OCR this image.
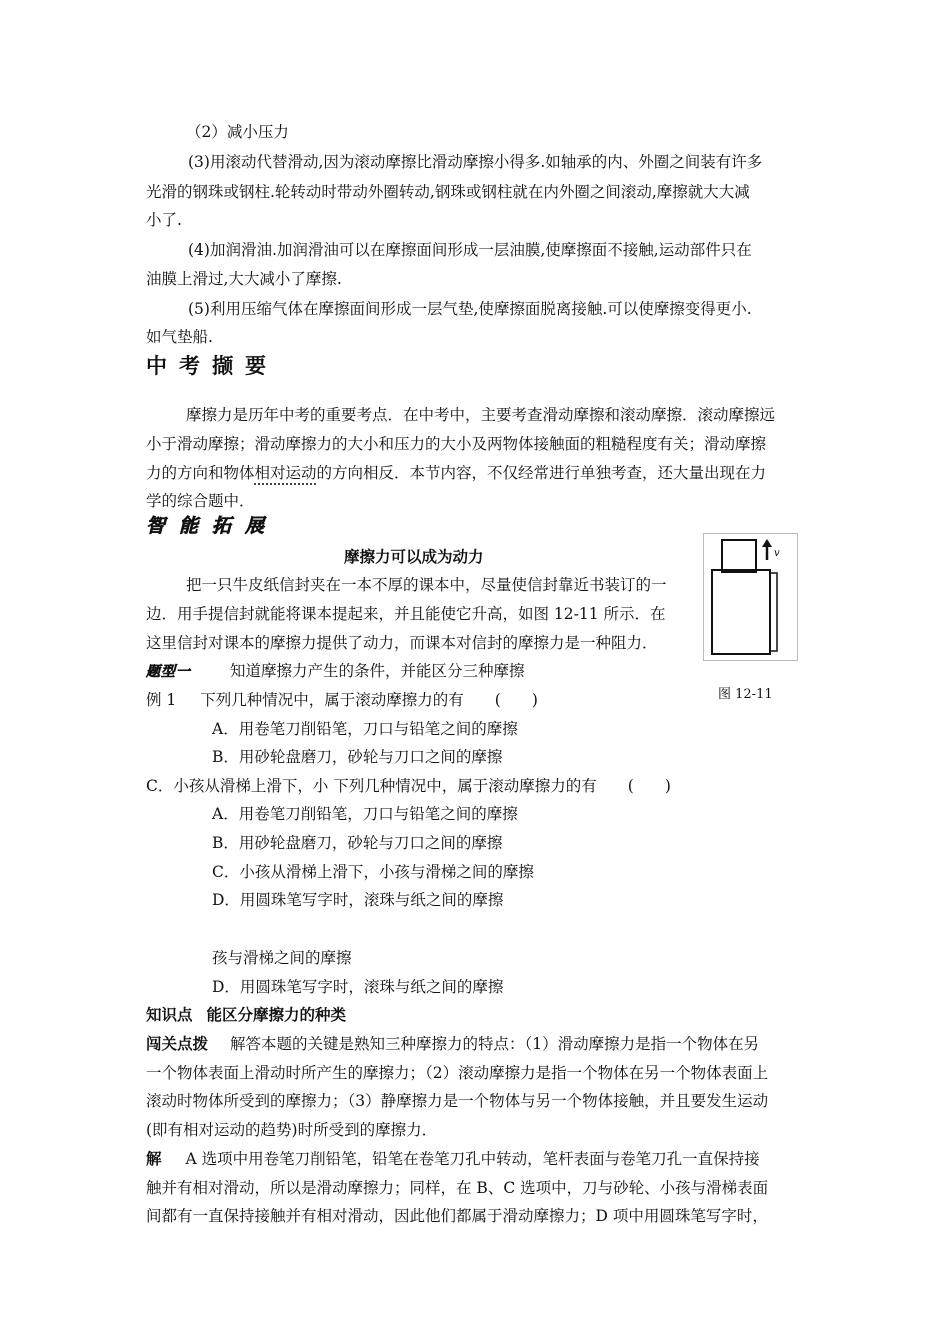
（2）减小压力
(3)用滚动代替滑动,因为滚动摩擦比滑动摩擦小得多.如轴承的内、外圈之间装有许多
光滑的钢珠或钢柱.轮转动时带动外圈转动,钢珠或钢柱就在内外圈之间滚动,摩擦就大大减
小了.
(4)加润滑油.加润滑油可以在摩擦面间形成一层油膜,使摩擦面不接触,运动部件只在
油膜上滑过,大大减小了摩擦.
(5)利用压缩气体在摩擦面间形成一层气垫,使摩擦面脱离接触.可以使摩擦变得更小.
如气垫船.
中考撷要
摩擦力是历年中考的重要考点．在中考中，主要考查滑动摩擦和滚动摩擦．滚动摩擦远
小于滑动摩擦；滑动摩擦力的大小和压力的大小及两物体接触面的粗糙程度有关；滑动摩擦
力的方向和物体相对运动的方向相反．本节内容，不仅经常进行单独考查，还大量出现在力
学的综合题中．
智能拓展
摩擦力可以成为动力
把一只牛皮纸信封夹在一本不厚的课本中，尽量使信封靠近书装订的一
边．用手提信封就能将课本提起来，并且能使它升高，如图 12-11 所示．在
这里信封对课本的摩擦力提供了动力，而课本对信封的摩擦力是一种阻力．
v
图 12-11
题型一	知道摩擦力产生的条件，并能区分三种摩擦
例 1 下列几种情况中，属于滚动摩擦力的有　　(　　)
A．用卷笔刀削铅笔，刀口与铅笔之间的摩擦
B．用砂轮盘磨刀，砂轮与刀口之间的摩擦
C．小孩从滑梯上滑下，小 下列几种情况中，属于滚动摩擦力的有　　(　　)
A．用卷笔刀削铅笔，刀口与铅笔之间的摩擦
B．用砂轮盘磨刀，砂轮与刀口之间的摩擦
C．小孩从滑梯上滑下，小孩与滑梯之间的摩擦
D．用圆珠笔写字时，滚珠与纸之间的摩擦
孩与滑梯之间的摩擦
D．用圆珠笔写字时，滚珠与纸之间的摩擦
知识点 能区分摩擦力的种类
闯关点拨 解答本题的关键是熟知三种摩擦力的特点：（1）滑动摩擦力是指一个物体在另
一个物体表面上滑动时所产生的摩擦力；（2）滚动摩擦力是指一个物体在另一个物体表面上
滚动时物体所受到的摩擦力；（3）静摩擦力是一个物体与另一个物体接触，并且要发生运动
(即有相对运动的趋势)时所受到的摩擦力．
解 A 选项中用卷笔刀削铅笔，铅笔在卷笔刀孔中转动，笔杆表面与卷笔刀孔一直保持接
触并有相对滑动，所以是滑动摩擦力；同样，在 B、C 选项中，刀与砂轮、小孩与滑梯表面
间都有一直保持接触并有相对滑动，因此他们都属于滑动摩擦力；D 项中用圆珠笔写字时，
